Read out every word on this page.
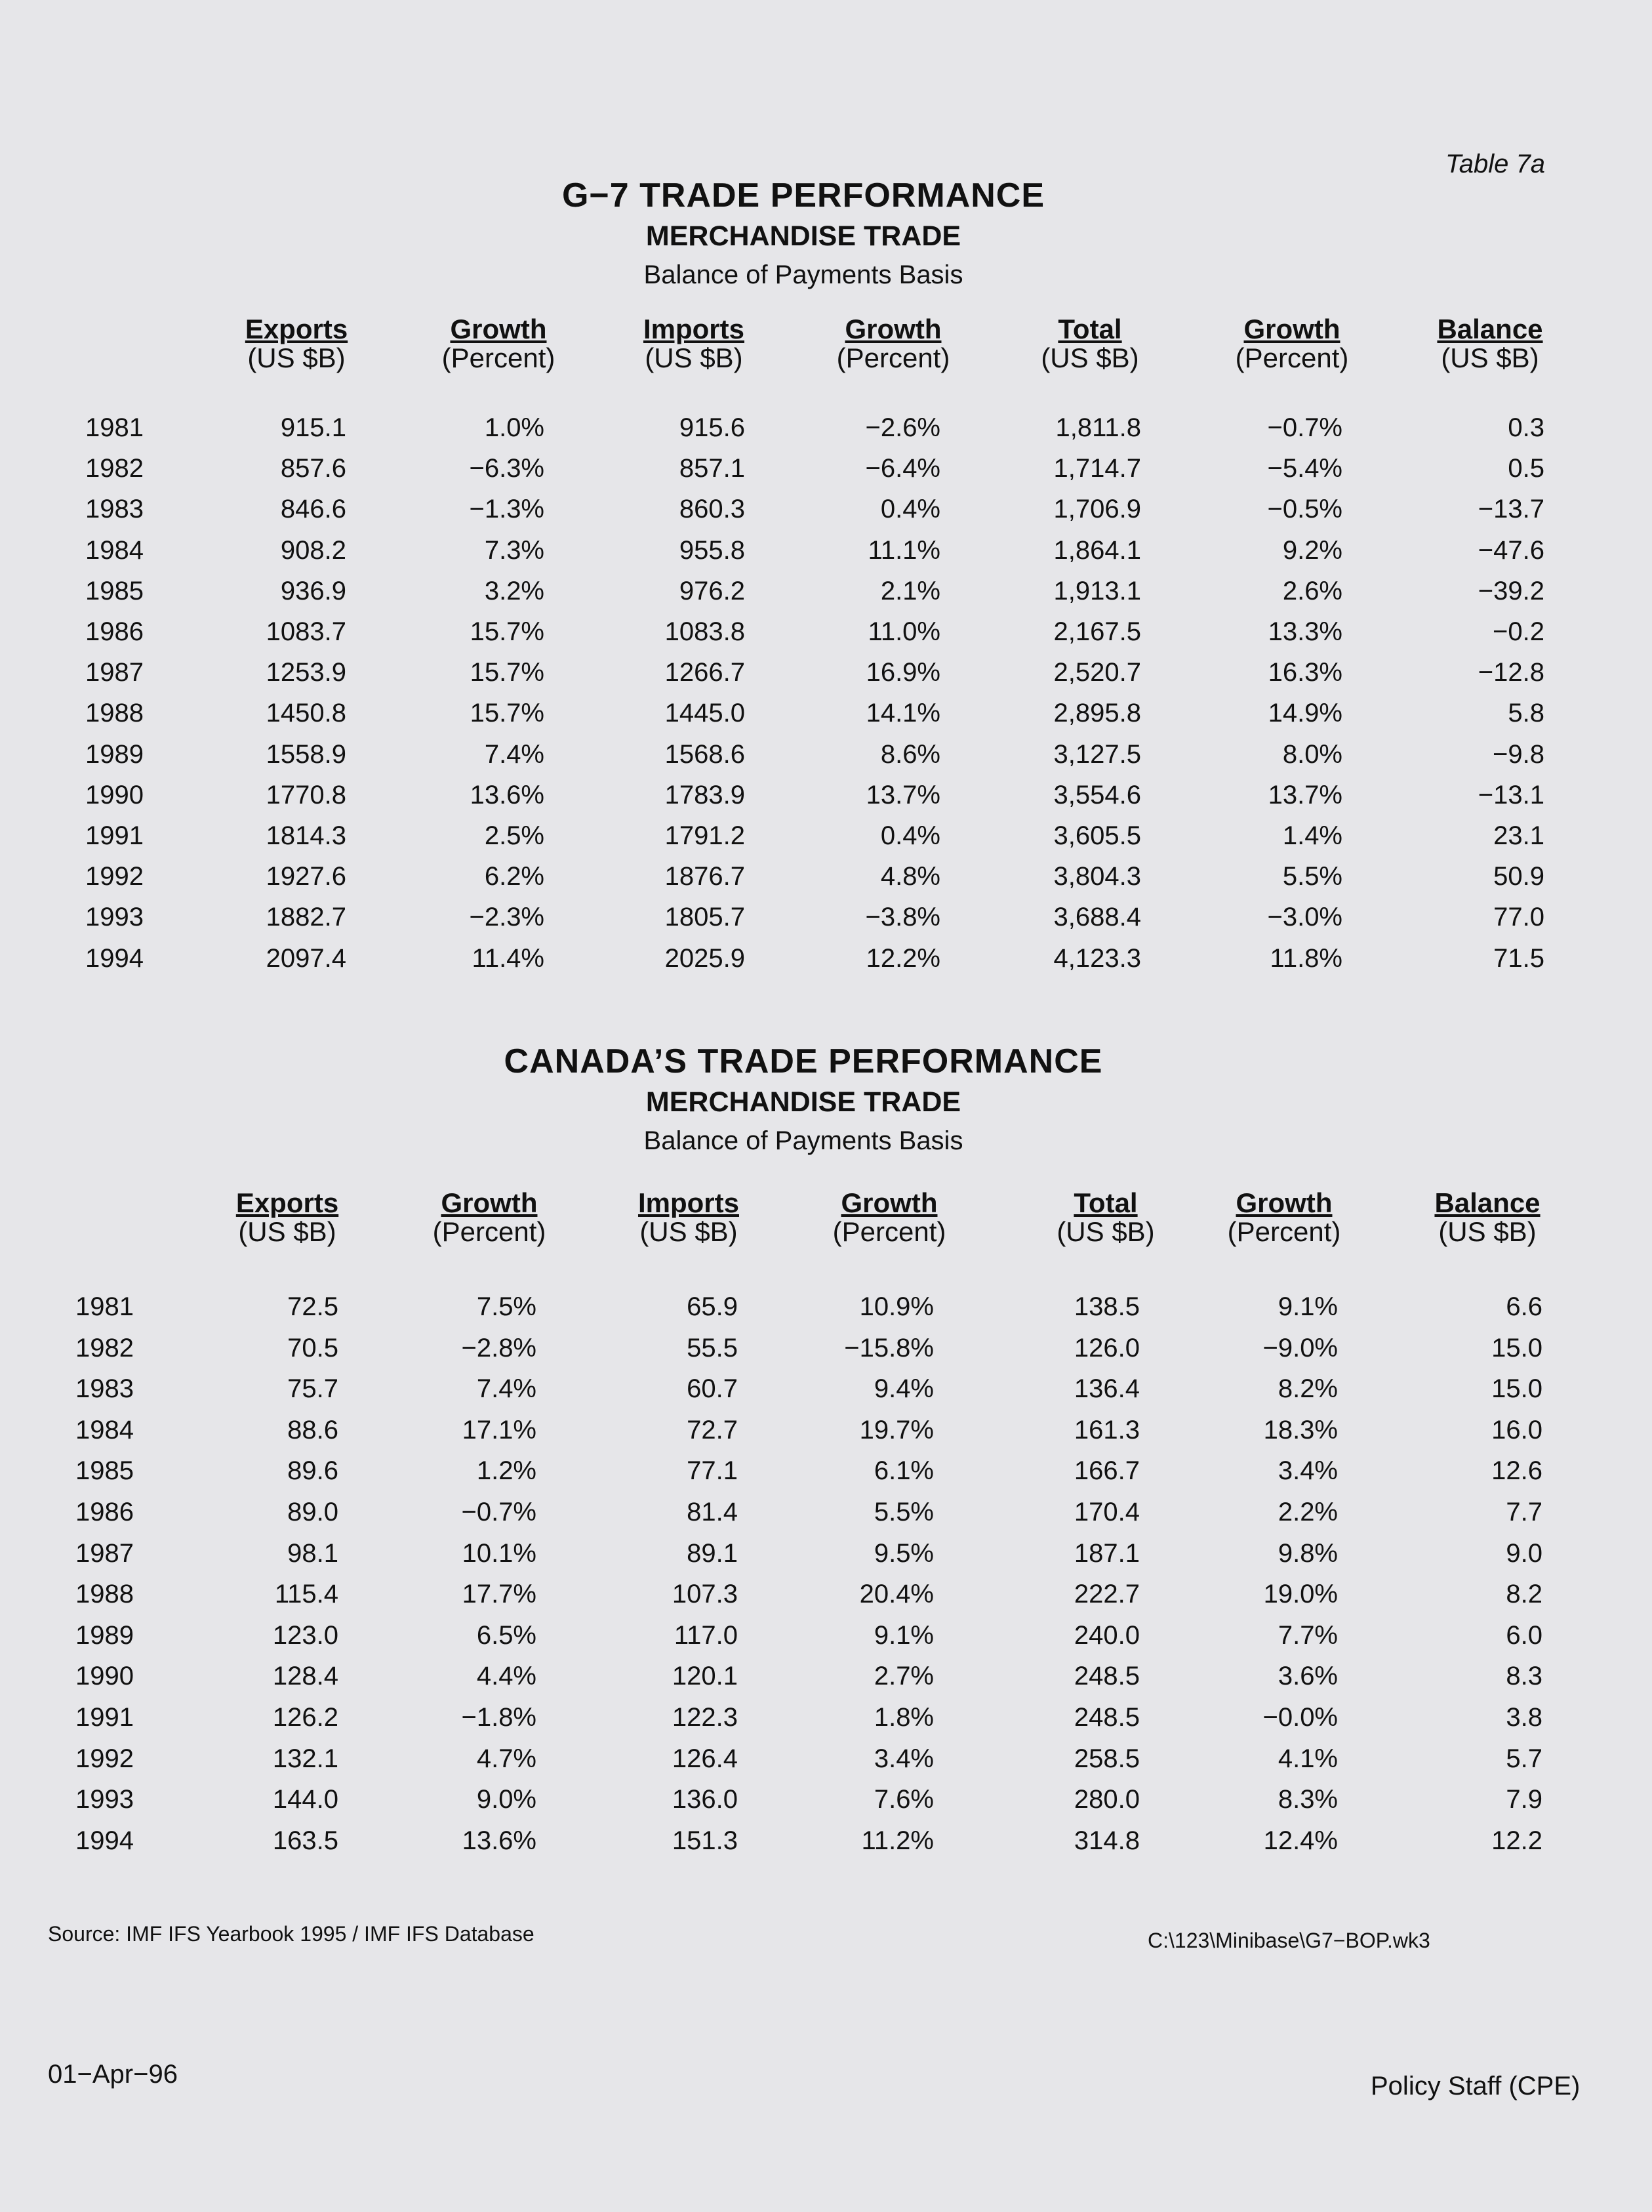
Table 7a
G−7 TRADE PERFORMANCE
MERCHANDISE TRADE
Balance of Payments Basis
Exports
(US $B)
Growth
(Percent)
Imports
(US $B)
Growth
(Percent)
Total
(US $B)
Growth
(Percent)
Balance
(US $B)
1981	915.1	1.0%	915.6	−2.6%	1,811.8	−0.7%	0.3
1982	857.6	−6.3%	857.1	−6.4%	1,714.7	−5.4%	0.5
1983	846.6	−1.3%	860.3	0.4%	1,706.9	−0.5%	−13.7
1984	908.2	7.3%	955.8	11.1%	1,864.1	9.2%	−47.6
1985	936.9	3.2%	976.2	2.1%	1,913.1	2.6%	−39.2
1986	1083.7	15.7%	1083.8	11.0%	2,167.5	13.3%	−0.2
1987	1253.9	15.7%	1266.7	16.9%	2,520.7	16.3%	−12.8
1988	1450.8	15.7%	1445.0	14.1%	2,895.8	14.9%	5.8
1989	1558.9	7.4%	1568.6	8.6%	3,127.5	8.0%	−9.8
1990	1770.8	13.6%	1783.9	13.7%	3,554.6	13.7%	−13.1
1991	1814.3	2.5%	1791.2	0.4%	3,605.5	1.4%	23.1
1992	1927.6	6.2%	1876.7	4.8%	3,804.3	5.5%	50.9
1993	1882.7	−2.3%	1805.7	−3.8%	3,688.4	−3.0%	77.0
1994	2097.4	11.4%	2025.9	12.2%	4,123.3	11.8%	71.5
CANADA’S TRADE PERFORMANCE
MERCHANDISE TRADE
Balance of Payments Basis
Exports
(US $B)
Growth
(Percent)
Imports
(US $B)
Growth
(Percent)
Total
(US $B)
Growth
(Percent)
Balance
(US $B)
1981	72.5	7.5%	65.9	10.9%	138.5	9.1%	6.6
1982	70.5	−2.8%	55.5	−15.8%	126.0	−9.0%	15.0
1983	75.7	7.4%	60.7	9.4%	136.4	8.2%	15.0
1984	88.6	17.1%	72.7	19.7%	161.3	18.3%	16.0
1985	89.6	1.2%	77.1	6.1%	166.7	3.4%	12.6
1986	89.0	−0.7%	81.4	5.5%	170.4	2.2%	7.7
1987	98.1	10.1%	89.1	9.5%	187.1	9.8%	9.0
1988	115.4	17.7%	107.3	20.4%	222.7	19.0%	8.2
1989	123.0	6.5%	117.0	9.1%	240.0	7.7%	6.0
1990	128.4	4.4%	120.1	2.7%	248.5	3.6%	8.3
1991	126.2	−1.8%	122.3	1.8%	248.5	−0.0%	3.8
1992	132.1	4.7%	126.4	3.4%	258.5	4.1%	5.7
1993	144.0	9.0%	136.0	7.6%	280.0	8.3%	7.9
1994	163.5	13.6%	151.3	11.2%	314.8	12.4%	12.2
Source: IMF IFS Yearbook 1995 / IMF IFS Database	C:\123\Minibase\G7−BOP.wk3
01−Apr−96	Policy Staff (CPE)
